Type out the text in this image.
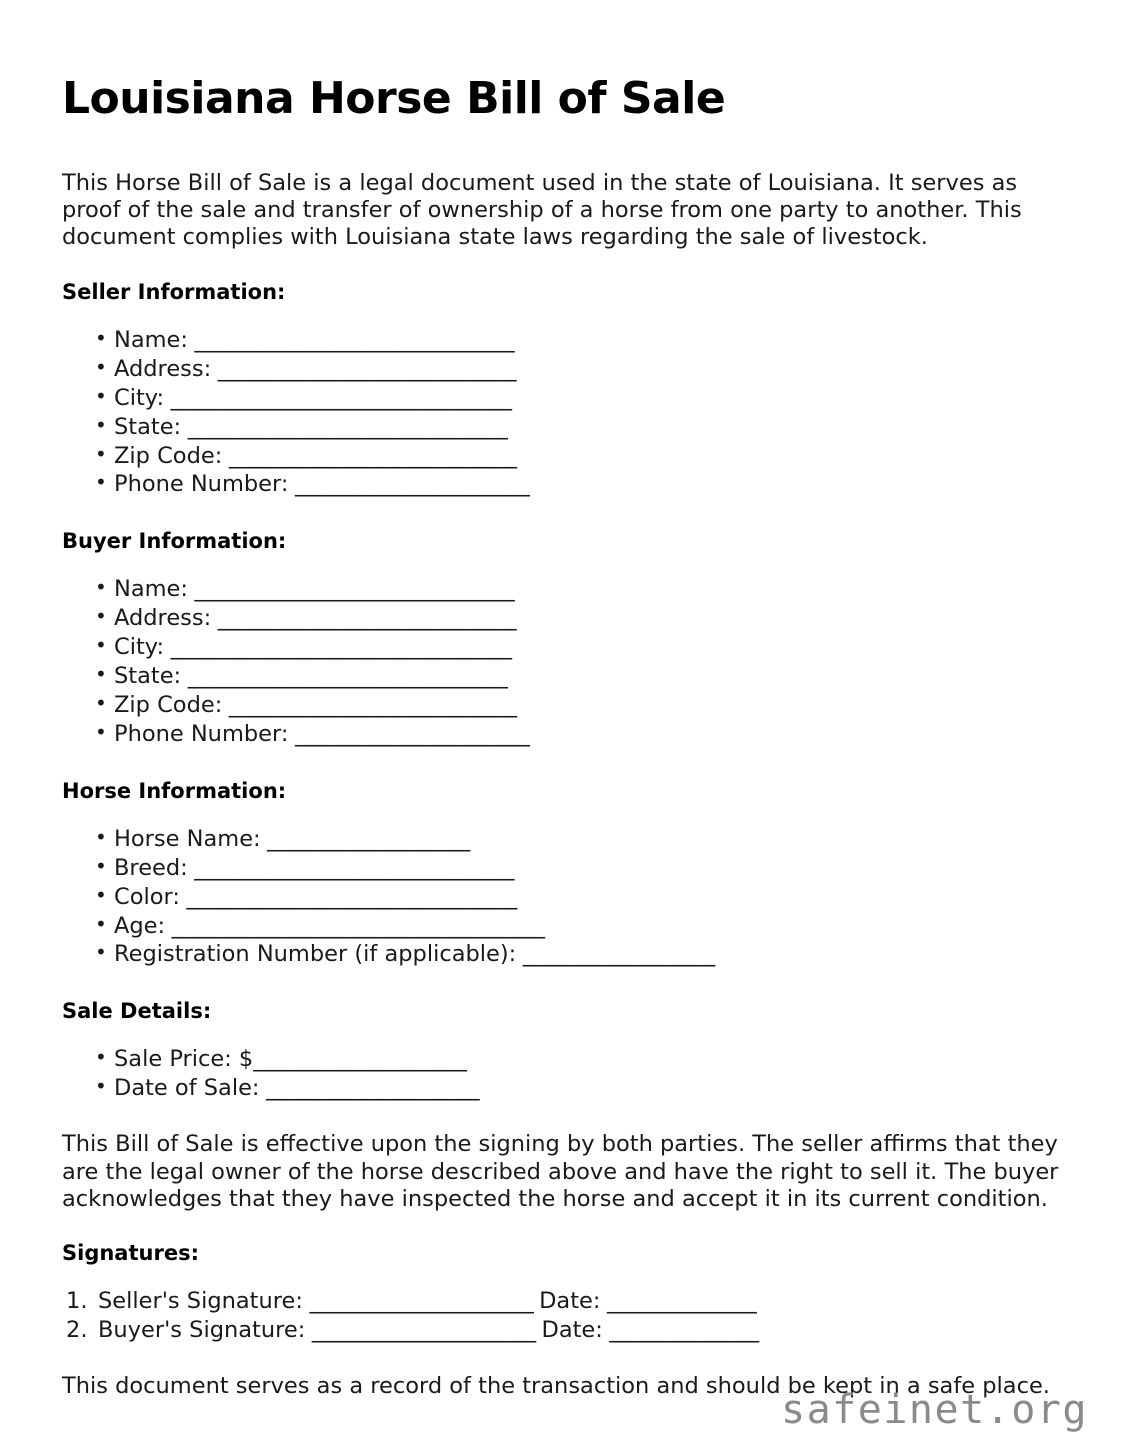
Louisiana Horse Bill of Sale

This Horse Bill of Sale is a legal document used in the state of Louisiana. It serves as proof of the sale and transfer of ownership of a horse from one party to another. This document complies with Louisiana state laws regarding the sale of livestock.

Seller Information:
• Name: ______________________________
• Address: ____________________________
• City: ________________________________
• State: ______________________________
• Zip Code: ___________________________
• Phone Number: ______________________
Buyer Information:
• Name: ______________________________
• Address: ____________________________
• City: ________________________________
• State: ______________________________
• Zip Code: ___________________________
• Phone Number: ______________________
Horse Information:
• Horse Name: ___________________
• Breed: ______________________________
• Color: _______________________________
• Age: ___________________________________
• Registration Number (if applicable): __________________
Sale Details:
• Sale Price: $____________________
• Date of Sale: ____________________

This Bill of Sale is effective upon the signing by both parties. The seller affirms that they are the legal owner of the horse described above and have the right to sell it. The buyer acknowledges that they have inspected the horse and accept it in its current condition.

Signatures:
Seller's Signature: _____________________ Date: ______________
Buyer's Signature: _____________________ Date: ______________

This document serves as a record of the transaction and should be kept in a safe place.

safeinet.org
